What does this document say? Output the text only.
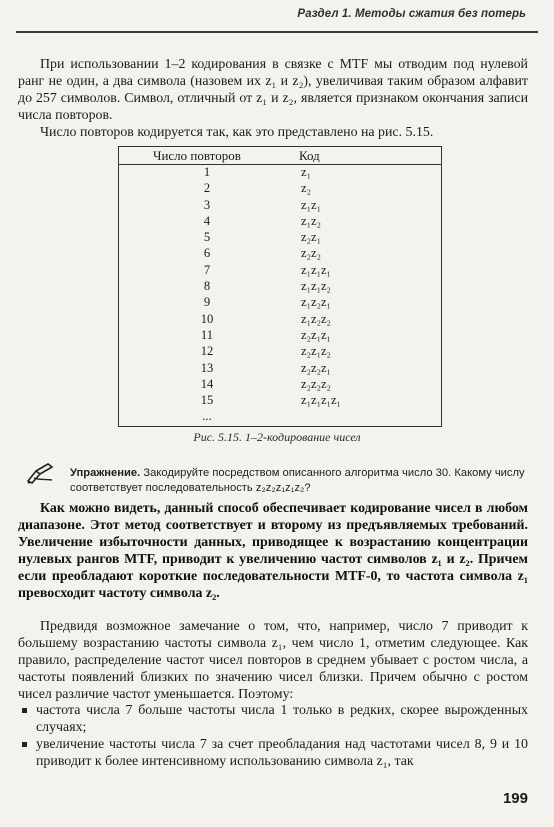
Раздел 1. Методы сжатия без потерь

При использовании 1–2 кодирования в связке с MTF мы отводим под нулевой ранг не один, а два символа (назовем их z₁ и z₂), увеличивая таким образом алфавит до 257 символов. Символ, отличный от z₁ и z₂, является признаком окончания записи числа повторов.

Число повторов кодируется так, как это представлено на рис. 5.15.

Число повторов	Код
1	z₁
2	z₂
3	z₁z₁
4	z₁z₂
5	z₂z₁
6	z₂z₂
7	z₁z₁z₁
8	z₁z₁z₂
9	z₁z₂z₁
10	z₁z₂z₂
11	z₂z₁z₁
12	z₂z₁z₂
13	z₂z₂z₁
14	z₂z₂z₂
15	z₁z₁z₁z₁
...
Рис. 5.15. 1–2-кодирование чисел
Упражнение. Закодируйте посредством описанного алгоритма число 30. Какому числу соответствует последовательность z₂z₂z₁z₁z₂?

Как можно видеть, данный способ обеспечивает кодирование чисел в любом диапазоне. Этот метод соответствует и второму из предъявляемых требований. Увеличение избыточности данных, приводящее к возрастанию концентрации нулевых рангов MTF, приводит к увеличению частот символов z₁ и z₂. Причем если преобладают короткие последовательности MTF-0, то частота символа z₁ превосходит частоту символа z₂.

Предвидя возможное замечание о том, что, например, число 7 приводит к большему возрастанию частоты символа z₁, чем число 1, отметим следующее. Как правило, распределение частот чисел повторов в среднем убывает с ростом числа, а частоты появлений близких по значению чисел близки. Причем обычно с ростом чисел различие частот уменьшается. Поэтому:

частота числа 7 больше частоты числа 1 только в редких, скорее вырожденных случаях;
увеличение частоты числа 7 за счет преобладания над частотами чисел 8, 9 и 10 приводит к более интенсивному использованию символа z₁, так
199
